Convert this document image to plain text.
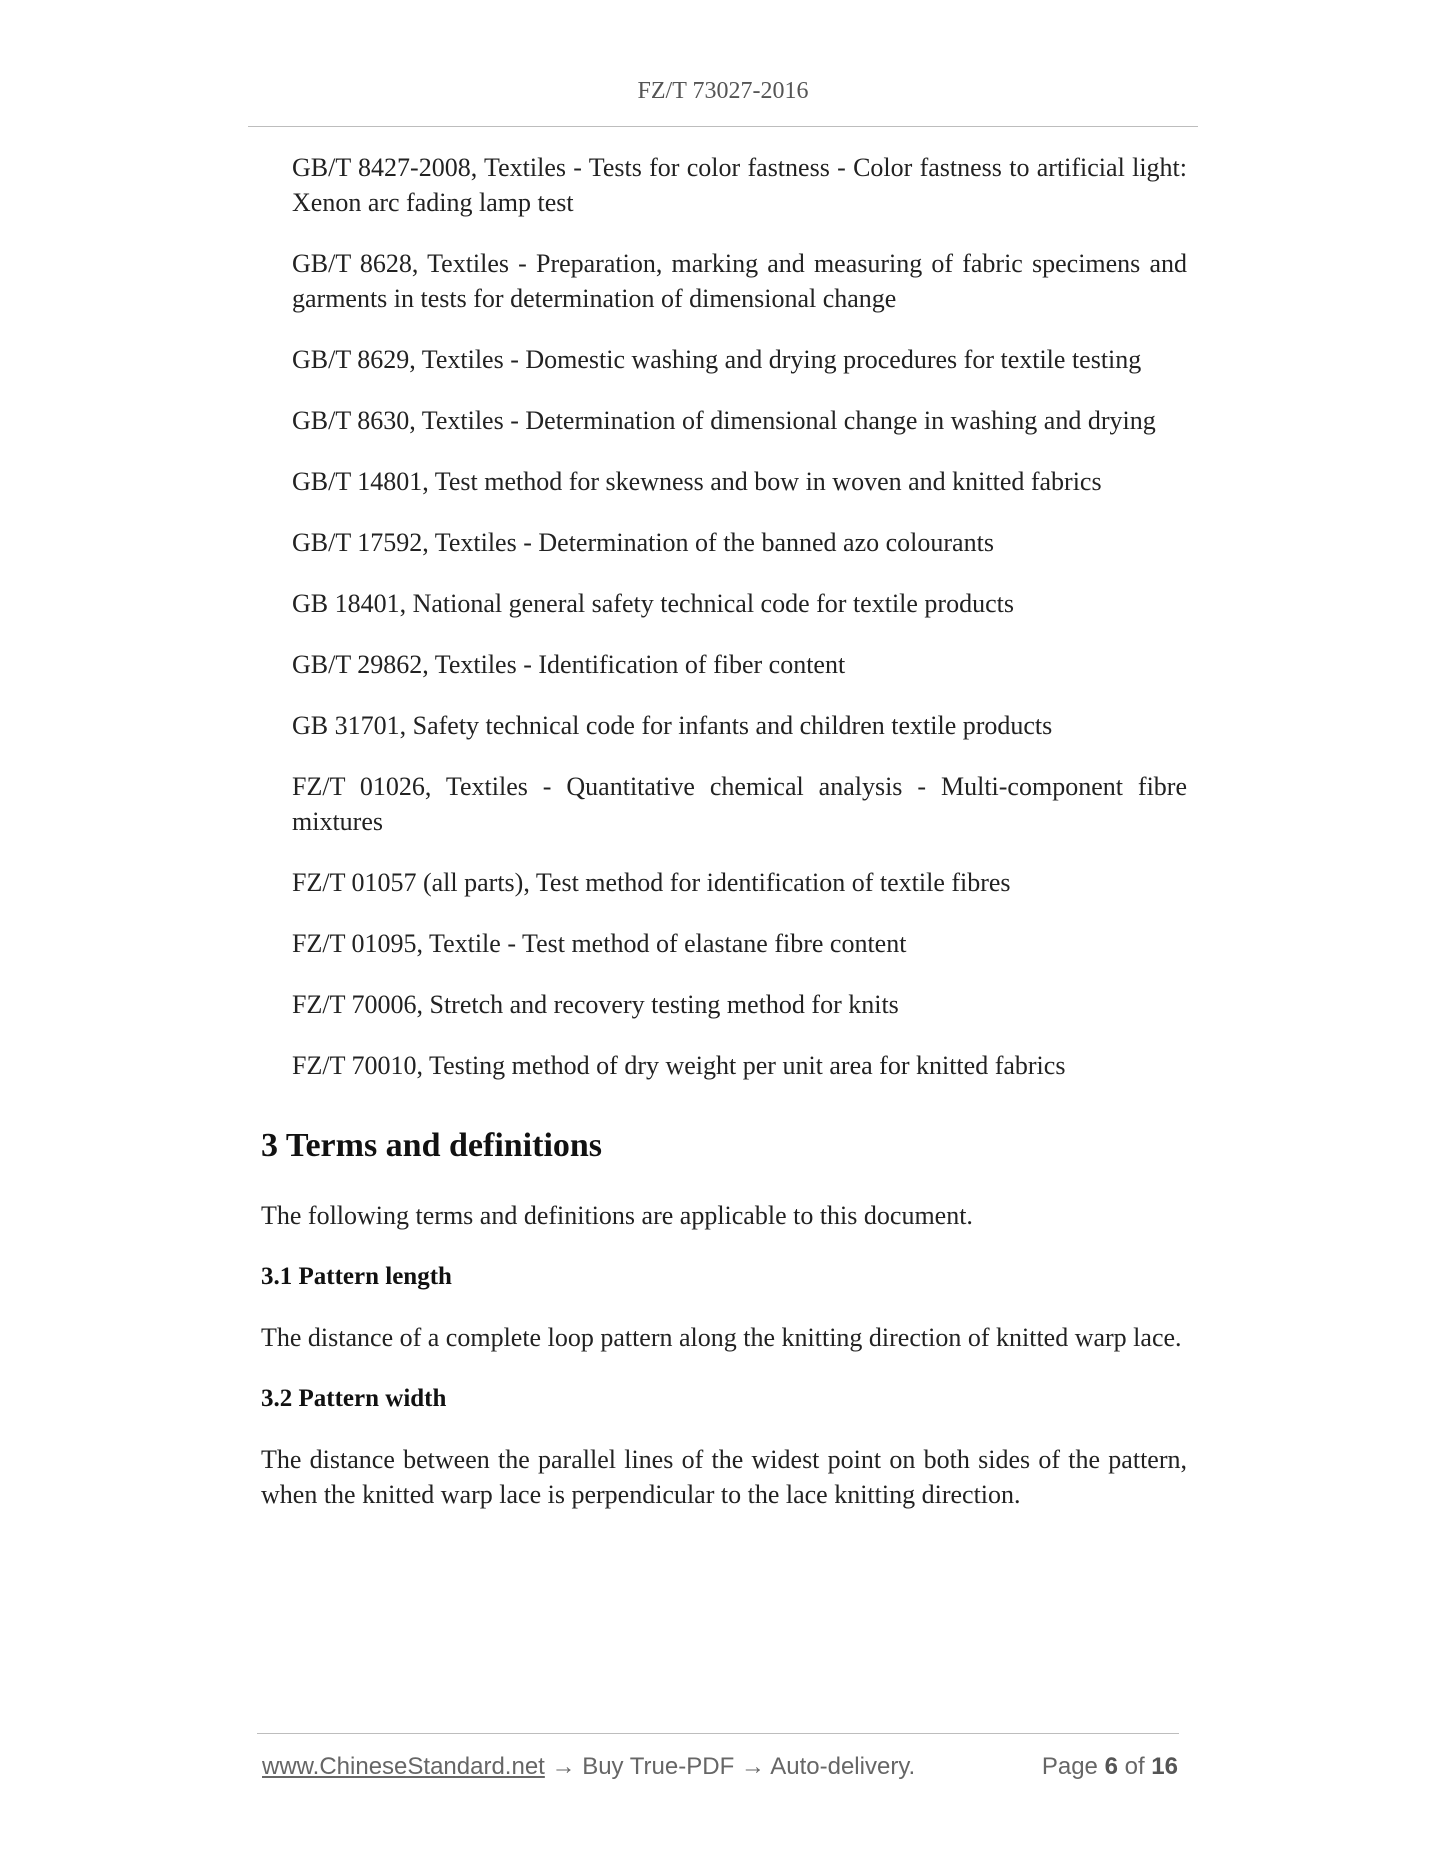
FZ/T 73027-2016

GB/T 8427-2008, Textiles - Tests for color fastness - Color fastness to artificial light: Xenon arc fading lamp test

GB/T 8628, Textiles - Preparation, marking and measuring of fabric specimens and garments in tests for determination of dimensional change

GB/T 8629, Textiles - Domestic washing and drying procedures for textile testing

GB/T 8630, Textiles - Determination of dimensional change in washing and drying

GB/T 14801, Test method for skewness and bow in woven and knitted fabrics

GB/T 17592, Textiles - Determination of the banned azo colourants

GB 18401, National general safety technical code for textile products

GB/T 29862, Textiles - Identification of fiber content

GB 31701, Safety technical code for infants and children textile products

FZ/T 01026, Textiles - Quantitative chemical analysis - Multi-component fibre mixtures

FZ/T 01057 (all parts), Test method for identification of textile fibres

FZ/T 01095, Textile - Test method of elastane fibre content

FZ/T 70006, Stretch and recovery testing method for knits

FZ/T 70010, Testing method of dry weight per unit area for knitted fabrics

3 Terms and definitions

The following terms and definitions are applicable to this document.

3.1 Pattern length

The distance of a complete loop pattern along the knitting direction of knitted warp lace.

3.2 Pattern width

The distance between the parallel lines of the widest point on both sides of the pattern, when the knitted warp lace is perpendicular to the lace knitting direction.

www.ChineseStandard.net → Buy True-PDF → Auto-delivery.	Page 6 of 16
